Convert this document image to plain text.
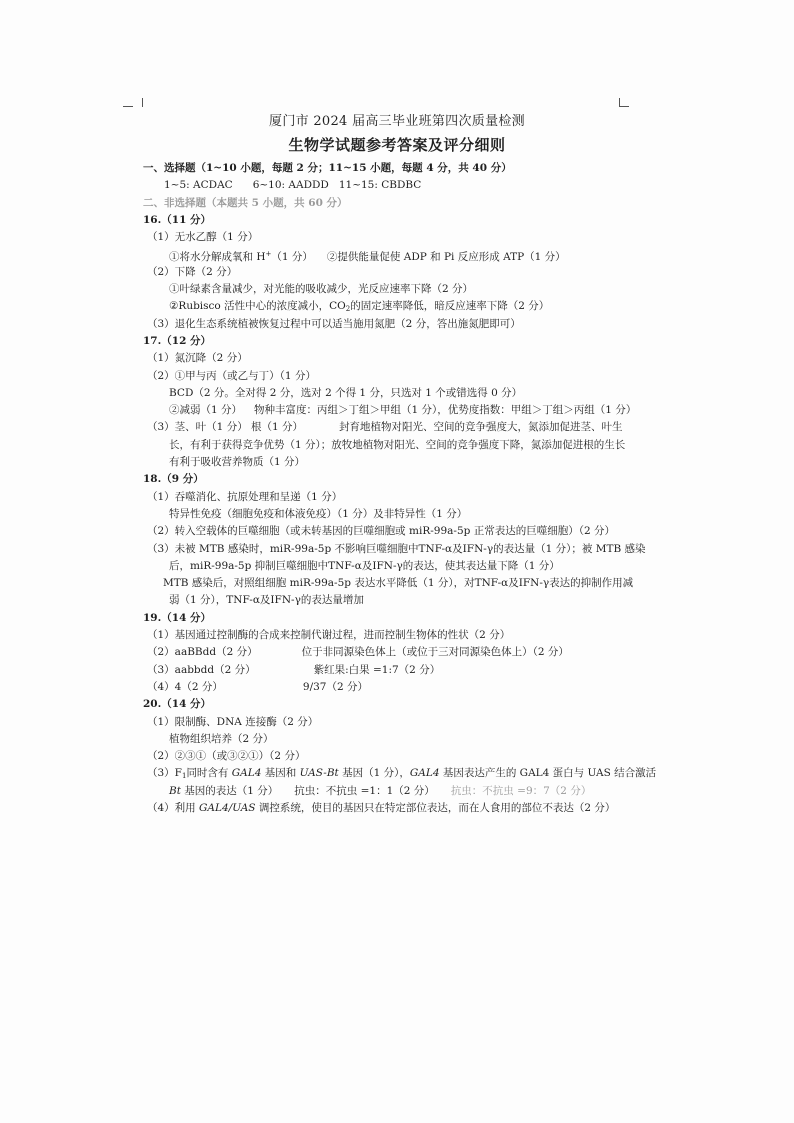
厦门市 2024 届高三毕业班第四次质量检测
生物学试题参考答案及评分细则
一、选择题（1~10 小题，每题 2 分；11~15 小题，每题 4 分，共 40 分）
1~5: ACDAC 6~10: AADDD 11~15: CBDBC
二、非选择题（本题共 5 小题，共 60 分）
16.（11 分）
（1）无水乙醇（1 分）
①将水分解成氧和 H+（1 分） ②提供能量促使 ADP 和 Pi 反应形成 ATP（1 分）
（2）下降（2 分）
①叶绿素含量减少，对光能的吸收减少，光反应速率下降（2 分）
②Rubisco 活性中心的浓度减小，$CO_2$的固定速率降低，暗反应速率下降（2 分）
（3）退化生态系统植被恢复过程中可以适当施用氮肥（2 分，答出施氮肥即可）
17.（12 分）
（1）氮沉降（2 分）
（2）①甲与丙（或乙与丁）（1 分）
BCD（2 分。全对得 2 分，选对 2 个得 1 分，只选对 1 个或错选得 0 分）
②减弱（1 分） 物种丰富度：丙组＞丁组＞甲组（1 分），优势度指数：甲组＞丁组＞丙组（1 分）
（3）茎、叶（1 分） 根（1 分）	封育地植物对阳光、空间的竞争强度大，氮添加促进茎、叶生
长，有利于获得竞争优势（1 分）；放牧地植物对阳光、空间的竞争强度下降，氮添加促进根的生长
有利于吸收营养物质（1 分）
18.（9 分）
（1）吞噬消化、抗原处理和呈递（1 分）
特异性免疫（细胞免疫和体液免疫）（1 分）及非特异性（1 分）
（2）转入空载体的巨噬细胞（或未转基因的巨噬细胞或 miR-99a-5p 正常表达的巨噬细胞）（2 分）
（3）未被 MTB 感染时，miR-99a-5p 不影响巨噬细胞中TNF-α及IFN-γ的表达量（1 分）；被 MTB 感染
后，miR-99a-5p 抑制巨噬细胞中TNF-α及IFN-γ的表达，使其表达量下降（1 分）
MTB 感染后，对照组细胞 miR-99a-5p 表达水平降低（1 分），对TNF-α及IFN-γ表达的抑制作用减
弱（1 分），TNF-α及IFN-γ的表达量增加
19.（14 分）
（1）基因通过控制酶的合成来控制代谢过程，进而控制生物体的性状（2 分）
（2）aaBBdd（2 分）	位于非同源染色体上（或位于三对同源染色体上）（2 分）
（3）aabbdd（2 分）	紫红果:白果 =1:7（2 分）
（4）4（2 分）	9/37（2 分）
20.（14 分）
（1）限制酶、DNA 连接酶（2 分）
植物组织培养（2 分）
（2）②③①（或③②①）（2 分）
$(3)F_1$同时含有 GAL4 基因和 UAS-Bt 基因（1 分），GAL4 基因表达产生的 GAL4 蛋白与 UAS 结合激活
Bt 基因的表达（1 分） 抗虫：不抗虫 =1：1（2 分） 抗虫：不抗虫 =9：7（2 分）
（4）利用 GAL4/UAS 调控系统，使目的基因只在特定部位表达，而在人食用的部位不表达（2 分）
